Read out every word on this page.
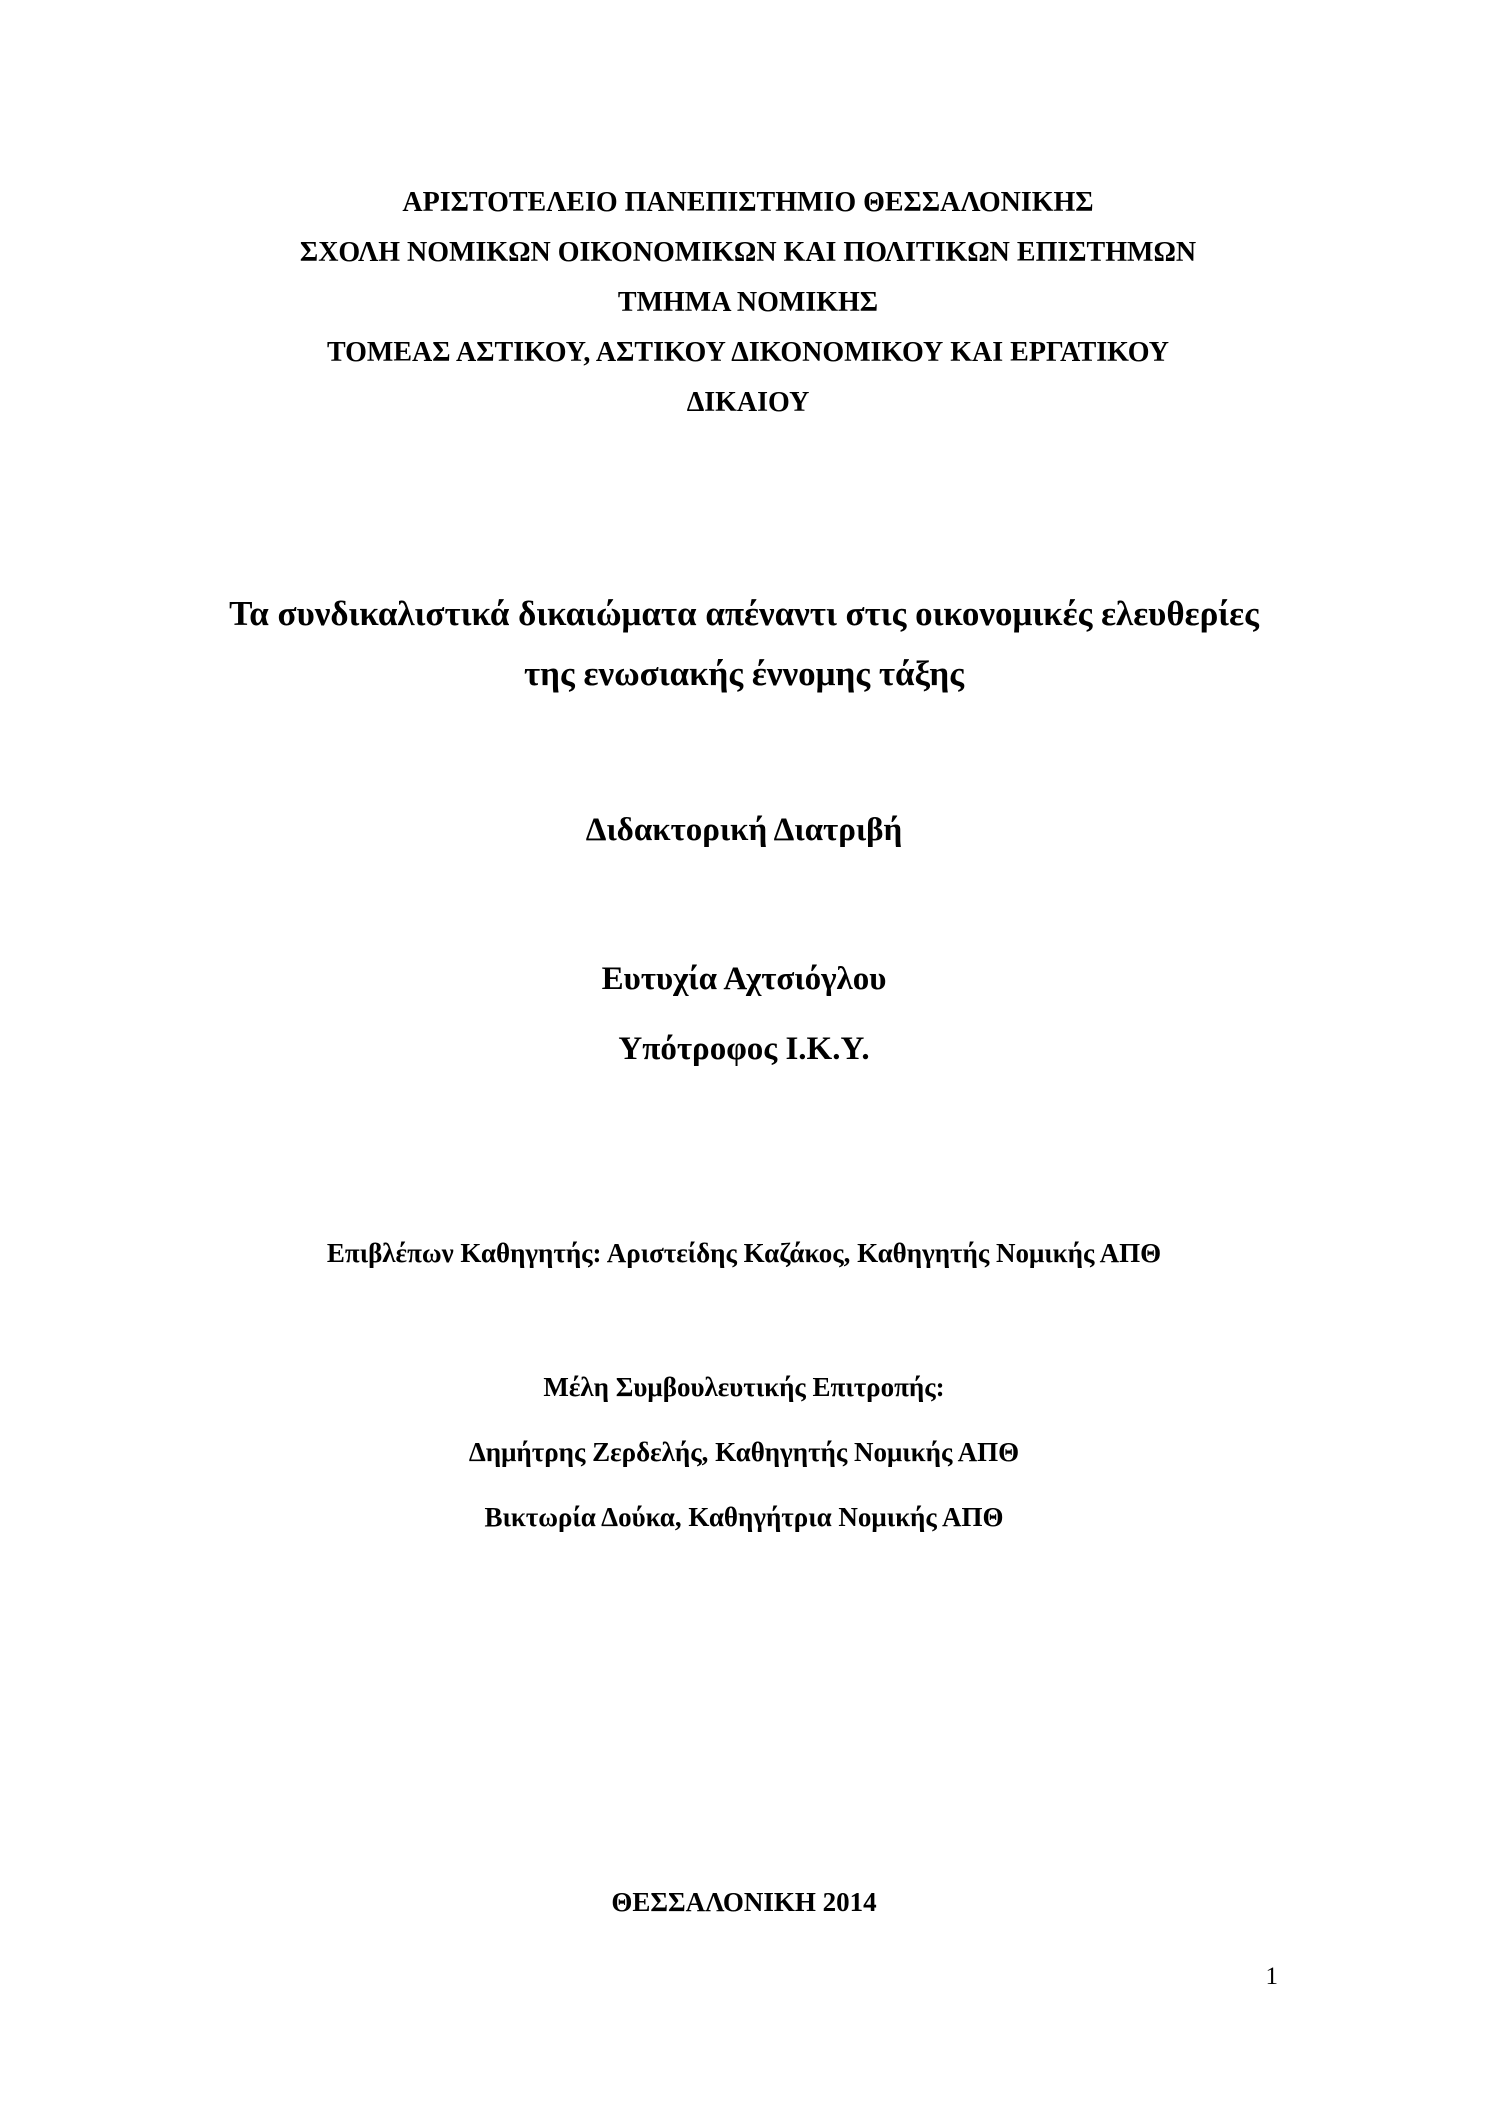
ΑΡΙΣΤΟΤΕΛΕΙΟ ΠΑΝΕΠΙΣΤΗΜΙΟ ΘΕΣΣΑΛΟΝΙΚΗΣ
ΣΧΟΛΗ ΝΟΜΙΚΩΝ ΟΙΚΟΝΟΜΙΚΩΝ ΚΑΙ ΠΟΛΙΤΙΚΩΝ ΕΠΙΣΤΗΜΩΝ
ΤΜΗΜΑ ΝΟΜΙΚΗΣ
ΤΟΜΕΑΣ ΑΣΤΙΚΟΥ, ΑΣΤΙΚΟΥ ΔΙΚΟΝΟΜΙΚΟΥ ΚΑΙ ΕΡΓΑΤΙΚΟΥ
ΔΙΚΑΙΟΥ
Τα συνδικαλιστικά δικαιώματα απέναντι στις οικονομικές ελευθερίες
της ενωσιακής έννομης τάξης
Διδακτορική Διατριβή
Ευτυχία Αχτσιόγλου
Υπότροφος Ι.Κ.Υ.
Επιβλέπων Καθηγητής: Αριστείδης Καζάκος, Καθηγητής Νομικής ΑΠΘ
Μέλη Συμβουλευτικής Επιτροπής:
Δημήτρης Ζερδελής, Καθηγητής Νομικής ΑΠΘ
Βικτωρία Δούκα, Καθηγήτρια Νομικής ΑΠΘ
ΘΕΣΣΑΛΟΝΙΚΗ 2014
1
